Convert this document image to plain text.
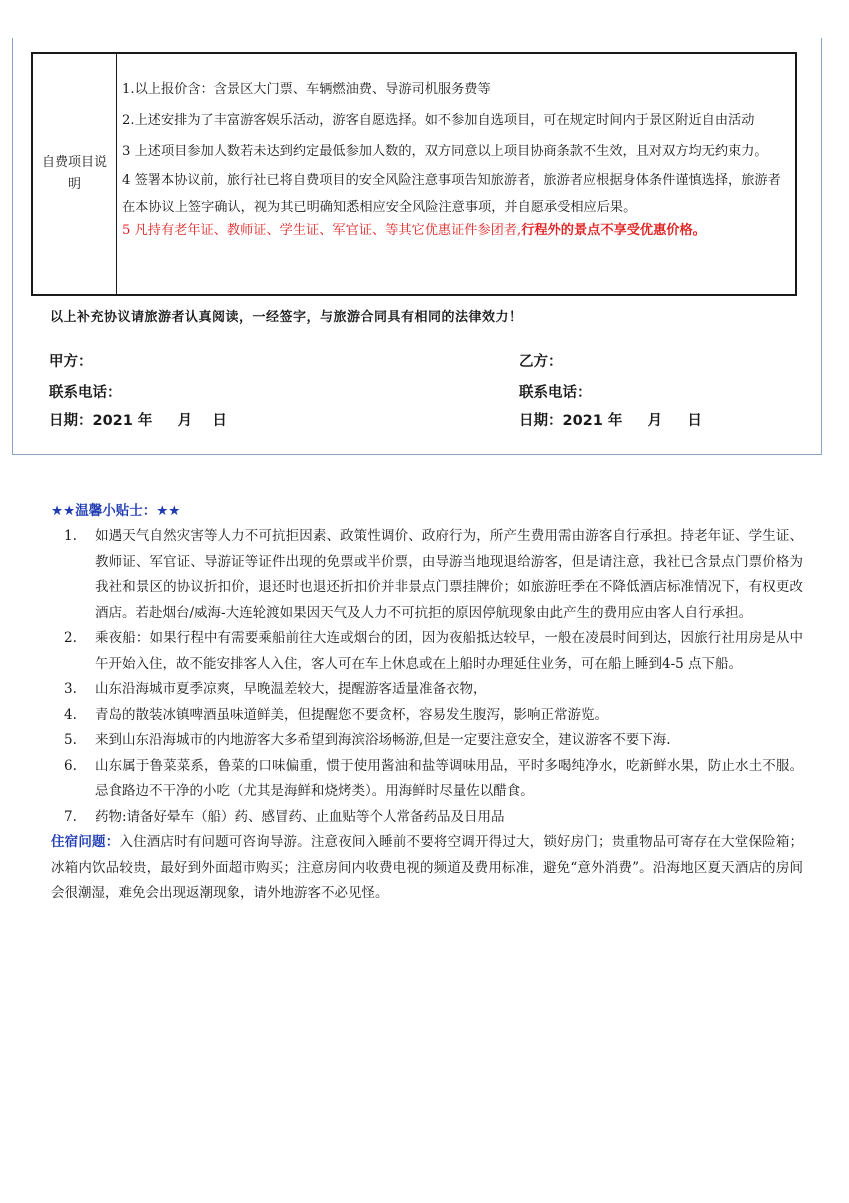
自费项目说明

1.以上报价含：含景区大门票、车辆燃油费、导游司机服务费等

2.上述安排为了丰富游客娱乐活动，游客自愿选择。如不参加自选项目，可在规定时间内于景区附近自由活动

3 上述项目参加人数若未达到约定最低参加人数的，双方同意以上项目协商条款不生效，且对双方均无约束力。

4 签署本协议前，旅行社已将自费项目的安全风险注意事项告知旅游者，旅游者应根据身体条件谨慎选择，旅游者在本协议上签字确认，视为其已明确知悉相应安全风险注意事项，并自愿承受相应后果。

5 凡持有老年证、教师证、学生证、军官证、等其它优惠证件参团者,行程外的景点不享受优惠价格。

以上补充协议请旅游者认真阅读，一经签字，与旅游合同具有相同的法律效力！
甲方：
联系电话：
日期：2021 年     月    日
乙方：
联系电话：
日期：2021 年     月     日
★★温馨小贴士：★★
1. 如遇天气自然灾害等人力不可抗拒因素、政策性调价、政府行为，所产生费用需由游客自行承担。持老年证、学生证、教师证、军官证、导游证等证件出现的免票或半价票，由导游当地现退给游客，但是请注意，我社已含景点门票价格为我社和景区的协议折扣价，退还时也退还折扣价并非景点门票挂牌价；如旅游旺季在不降低酒店标准情况下，有权更改酒店。若赴烟台/威海-大连轮渡如果因天气及人力不可抗拒的原因停航现象由此产生的费用应由客人自行承担。
2. 乘夜船：如果行程中有需要乘船前往大连或烟台的团，因为夜船抵达较早，一般在凌晨时间到达，因旅行社用房是从中午开始入住，故不能安排客人入住，客人可在车上休息或在上船时办理延住业务，可在船上睡到4-5 点下船。
3. 山东沿海城市夏季凉爽，早晚温差较大，提醒游客适量准备衣物，
4. 青岛的散装冰镇啤酒虽味道鲜美，但提醒您不要贪杯，容易发生腹泻，影响正常游览。
5. 来到山东沿海城市的内地游客大多希望到海滨浴场畅游,但是一定要注意安全，建议游客不要下海.
6. 山东属于鲁菜菜系，鲁菜的口味偏重，惯于使用酱油和盐等调味用品，平时多喝纯净水，吃新鲜水果，防止水土不服。忌食路边不干净的小吃（尤其是海鲜和烧烤类）。用海鲜时尽量佐以醋食。
7. 药物:请备好晕车（船）药、感冒药、止血贴等个人常备药品及日用品

住宿问题：入住酒店时有问题可咨询导游。注意夜间入睡前不要将空调开得过大，锁好房门；贵重物品可寄存在大堂保险箱；冰箱内饮品较贵，最好到外面超市购买；注意房间内收费电视的频道及费用标准，避免“意外消费”。沿海地区夏天酒店的房间会很潮湿，难免会出现返潮现象，请外地游客不必见怪。
